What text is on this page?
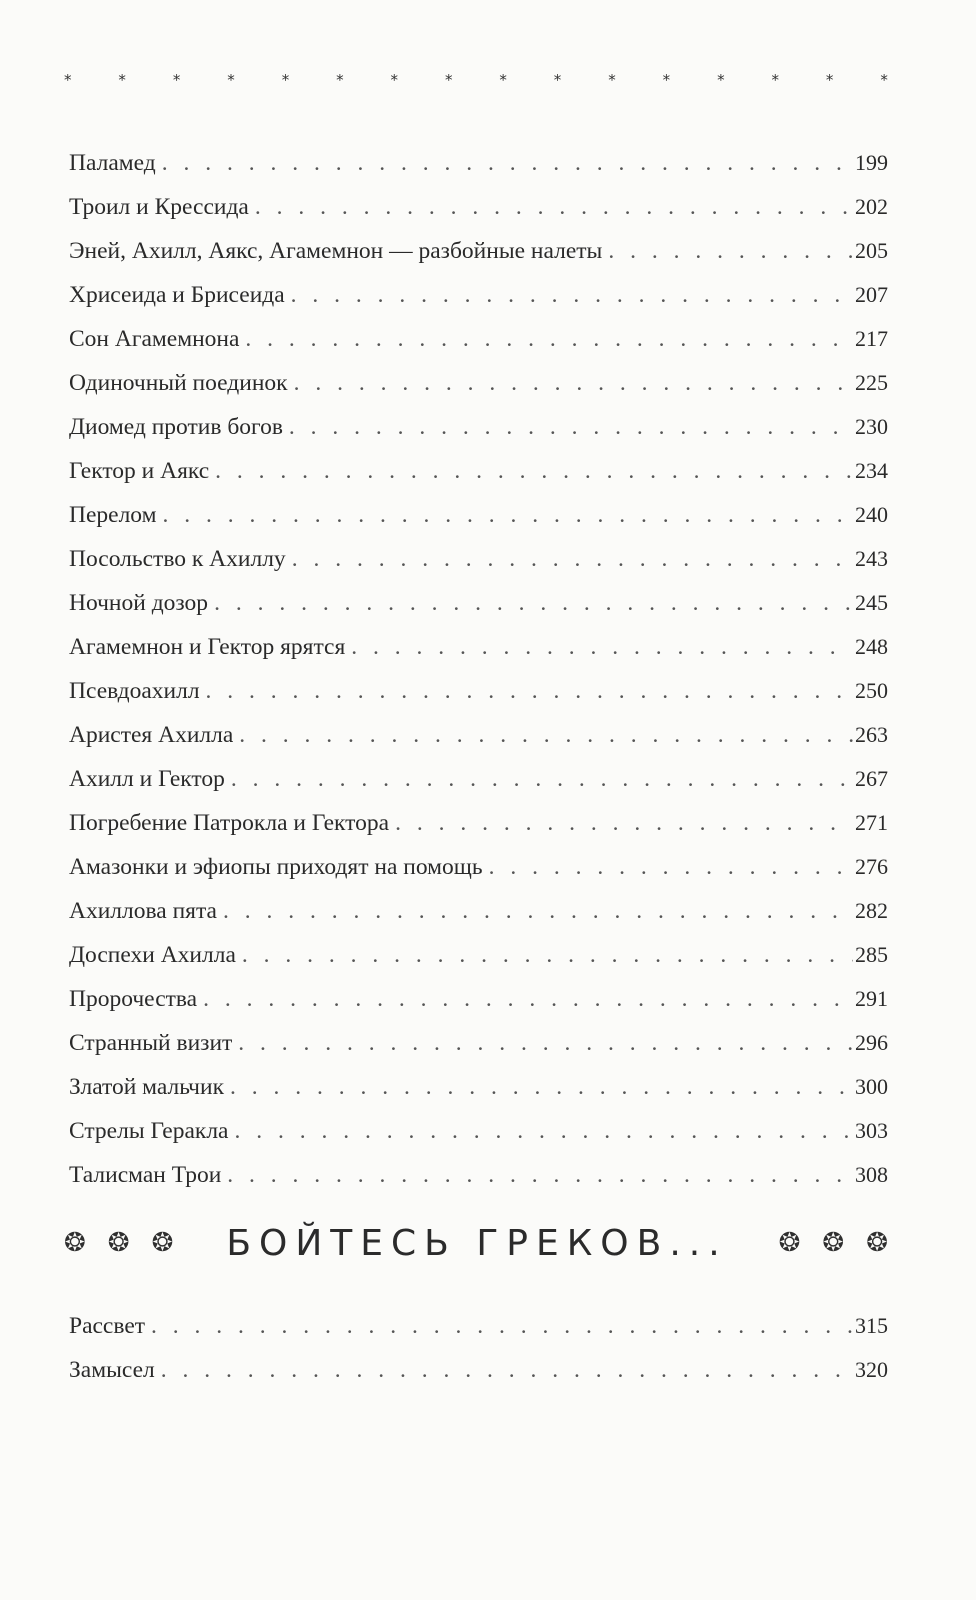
*	*	*	*	*	*	*	*	*	*	*	*	*	*	*	*
Паламед . . .	199
Троил и Крессида . . .	202
Эней, Ахилл, Аякс, Агамемнон — разбойные налеты . . .	205
Хрисеида и Брисеида . . .	207
Сон Агамемнона . . .	217
Одиночный поединок . . .	225
Диомед против богов . . .	230
Гектор и Аякс . . .	234
Перелом . . .	240
Посольство к Ахиллу . . .	243
Ночной дозор . . .	245
Агамемнон и Гектор ярятся . . .	248
Псевдоахилл . . .	250
Аристея Ахилла . . .	263
Ахилл и Гектор . . .	267
Погребение Патрокла и Гектора . . .	271
Амазонки и эфиопы приходят на помощь . . .	276
Ахиллова пята . . .	282
Доспехи Ахилла . . .	285
Пророчества . . .	291
Странный визит . . .	296
Златой мальчик . . .	300
Стрелы Геракла . . .	303
Талисман Трои . . .	308
❂ ❂ ❂ БОЙТЕСЬ ГРЕКОВ... ❂ ❂ ❂
Рассвет . . .	315
Замысел . . .	320
